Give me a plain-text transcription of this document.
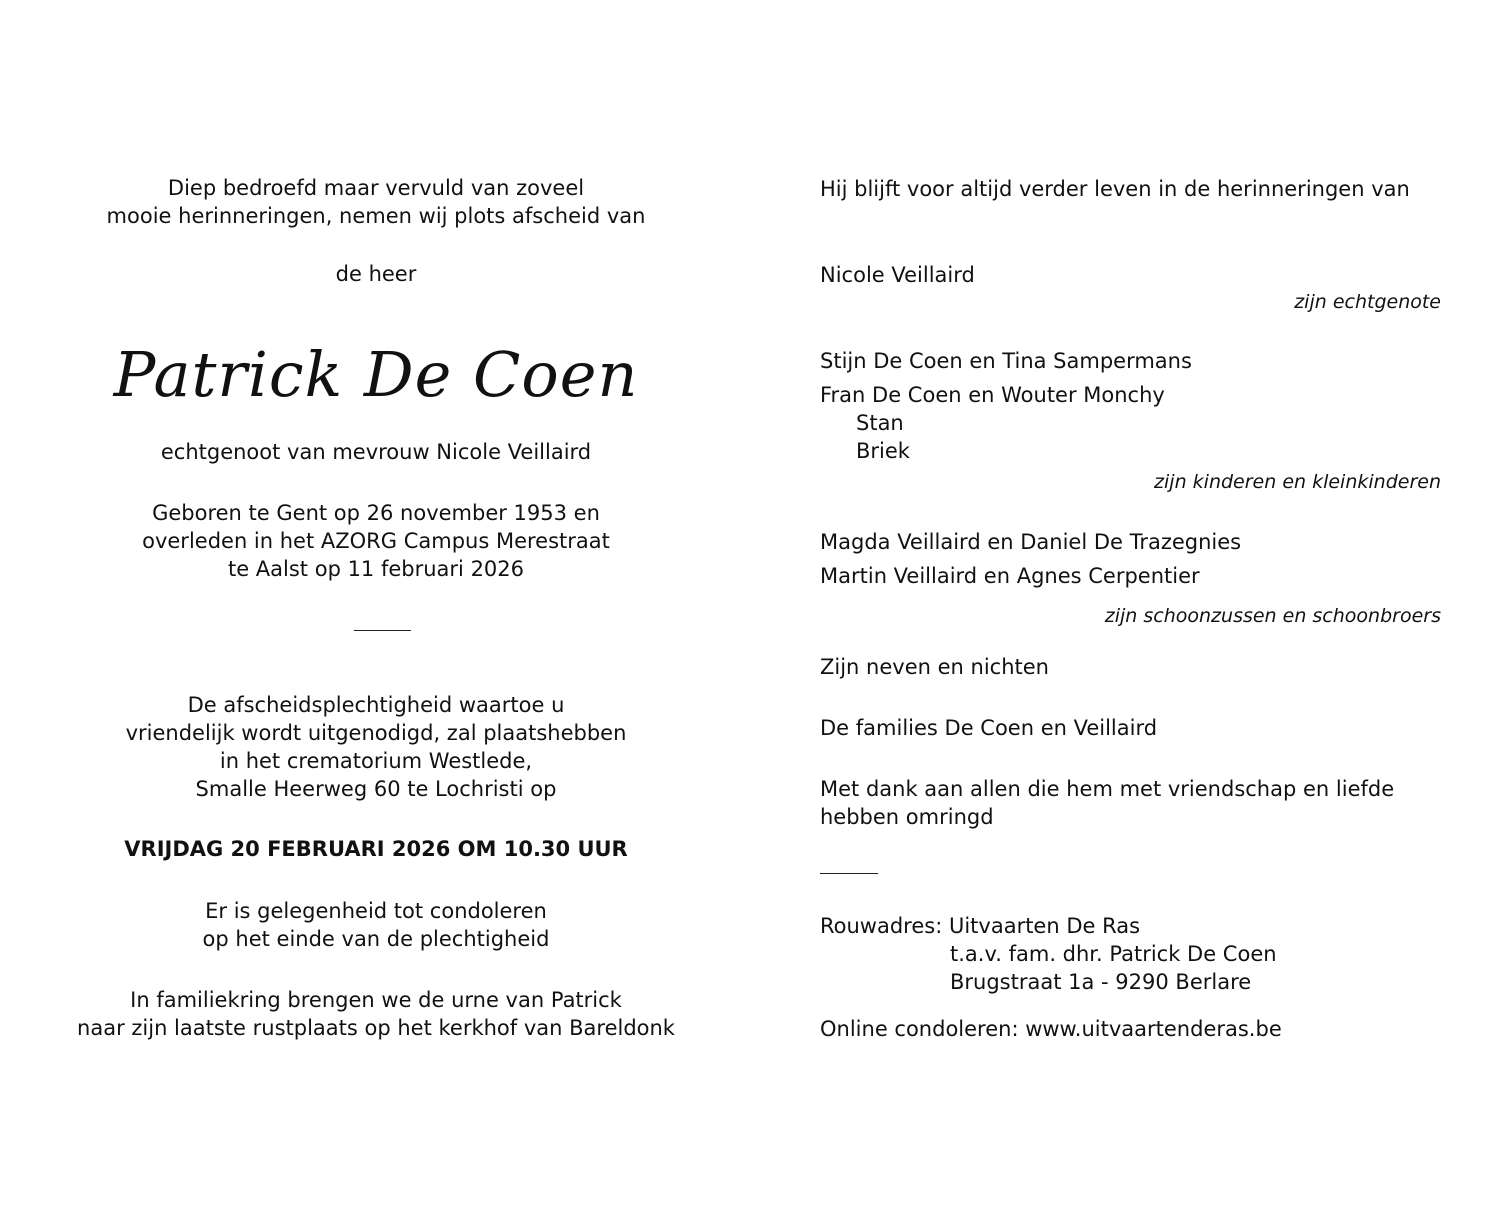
Diep bedroefd maar vervuld van zoveel
mooie herinneringen, nemen wij plots afscheid van
de heer
Patrick De Coen
echtgenoot van mevrouw Nicole Veillaird
Geboren te Gent op 26 november 1953 en
overleden in het AZORG Campus Merestraat
te Aalst op 11 februari 2026
De afscheidsplechtigheid waartoe u
vriendelijk wordt uitgenodigd, zal plaatshebben
in het crematorium Westlede,
Smalle Heerweg 60 te Lochristi op
VRIJDAG 20 FEBRUARI 2026 OM 10.30 UUR
Er is gelegenheid tot condoleren
op het einde van de plechtigheid
In familiekring brengen we de urne van Patrick
naar zijn laatste rustplaats op het kerkhof van Bareldonk
Hij blijft voor altijd verder leven in de herinneringen van
Nicole Veillaird
zijn echtgenote
Stijn De Coen en Tina Sampermans
Fran De Coen en Wouter Monchy
Stan
Briek
zijn kinderen en kleinkinderen
Magda Veillaird en Daniel De Trazegnies
Martin Veillaird en Agnes Cerpentier
zijn schoonzussen en schoonbroers
Zijn neven en nichten
De families De Coen en Veillaird
Met dank aan allen die hem met vriendschap en liefde
hebben omringd
Rouwadres: Uitvaarten De Ras
t.a.v. fam. dhr. Patrick De Coen
Brugstraat 1a - 9290 Berlare
Online condoleren: www.uitvaartenderas.be
